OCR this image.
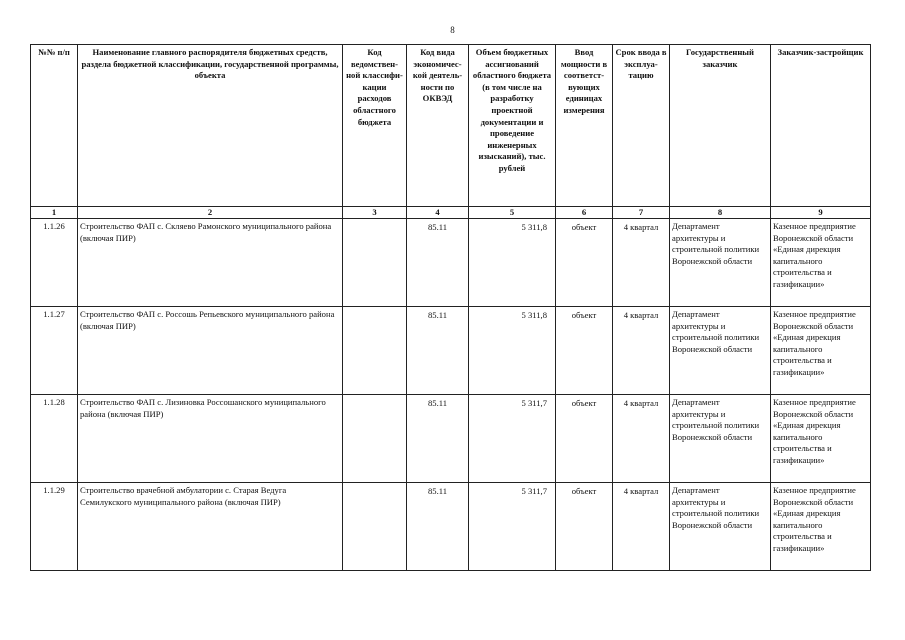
8
№№ п/п	Наименование главного распорядителя бюджетных средств, раздела бюджетной классификации, государственной программы, объекта	Код ведомствен-ной классифи-кации расходов областного бюджета	Код вида экономичес-кой деятель-ности по ОКВЭД	Объем бюджетных ассигнований областного бюджета (в том числе на разработку проектной документации и проведение инженерных изысканий), тыс. рублей	Ввод мощности в соответст-вующих единицах измерения	Срок ввода в эксплуа-тацию	Государственный заказчик	Заказчик-застройщик
1	2	3	4	5	6	7	8	9
1.1.26	Строительство ФАП с. Скляево Рамонского муниципального района (включая ПИР)		85.11	5 311,8	объект	4 квартал	Департамент архитектуры и строительной политики Воронежской области	Казенное предприятие Воронежской области «Единая дирекция капитального строительства и газификации»
1.1.27	Строительство ФАП с. Россошь Репьевского муниципального района (включая ПИР)		85.11	5 311,8	объект	4 квартал	Департамент архитектуры и строительной политики Воронежской области	Казенное предприятие Воронежской области «Единая дирекция капитального строительства и газификации»
1.1.28	Строительство ФАП с. Лизиновка Россошанского муниципального района (включая ПИР)		85.11	5 311,7	объект	4 квартал	Департамент архитектуры и строительной политики Воронежской области	Казенное предприятие Воронежской области «Единая дирекция капитального строительства и газификации»
1.1.29	Строительство врачебной амбулатории с. Старая Ведуга Семилукского муниципального района (включая ПИР)		85.11	5 311,7	объект	4 квартал	Департамент архитектуры и строительной политики Воронежской области	Казенное предприятие Воронежской области «Единая дирекция капитального строительства и газификации»
